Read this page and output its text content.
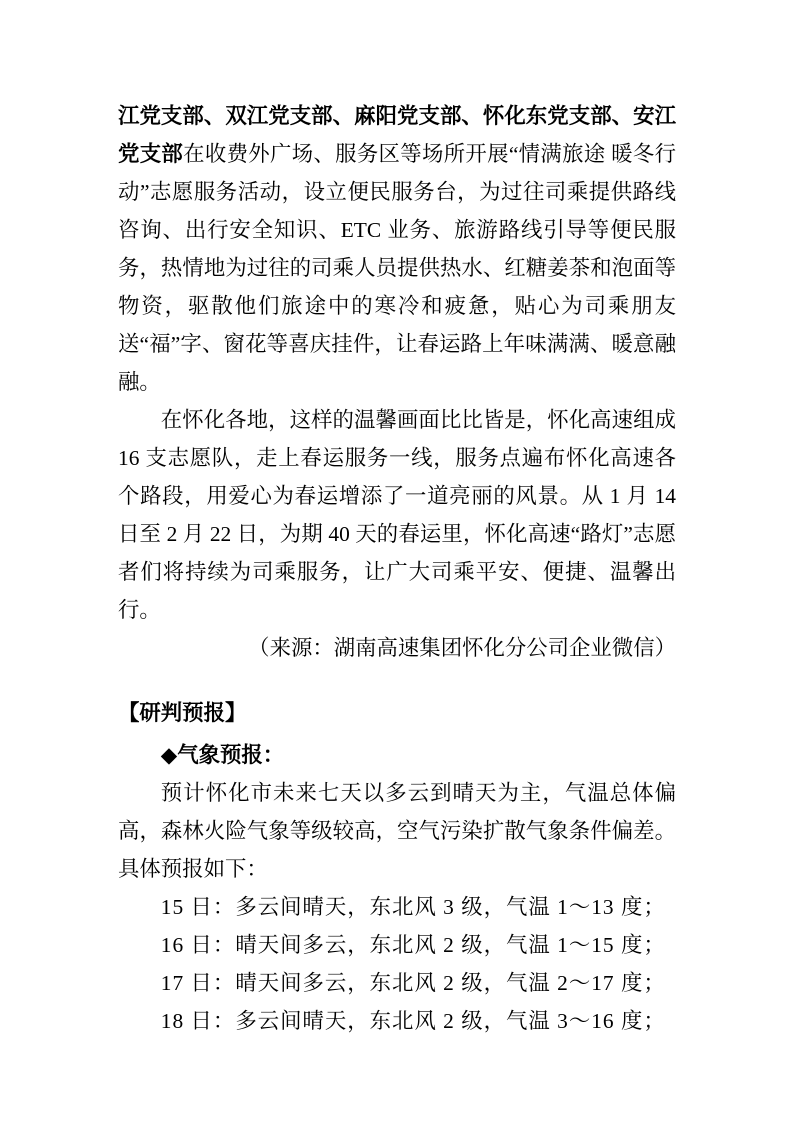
江党支部、双江党支部、麻阳党支部、怀化东党支部、安江党支部在收费外广场、服务区等场所开展“情满旅途 暖冬行动”志愿服务活动，设立便民服务台，为过往司乘提供路线咨询、出行安全知识、ETC 业务、旅游路线引导等便民服务，热情地为过往的司乘人员提供热水、红糖姜茶和泡面等物资，驱散他们旅途中的寒冷和疲惫，贴心为司乘朋友送“福”字、窗花等喜庆挂件，让春运路上年味满满、暖意融融。

在怀化各地，这样的温馨画面比比皆是，怀化高速组成 16 支志愿队，走上春运服务一线，服务点遍布怀化高速各个路段，用爱心为春运增添了一道亮丽的风景。从 1 月 14 日至 2 月 22 日，为期 40 天的春运里，怀化高速“路灯”志愿者们将持续为司乘服务，让广大司乘平安、便捷、温馨出行。

（来源：湖南高速集团怀化分公司企业微信）

【研判预报】
◆气象预报：

预计怀化市未来七天以多云到晴天为主，气温总体偏高，森林火险气象等级较高，空气污染扩散气象条件偏差。具体预报如下：

15 日：多云间晴天，东北风 3 级，气温 1～13 度；

16 日：晴天间多云，东北风 2 级，气温 1～15 度；

17 日：晴天间多云，东北风 2 级，气温 2～17 度；

18 日：多云间晴天，东北风 2 级，气温 3～16 度；
